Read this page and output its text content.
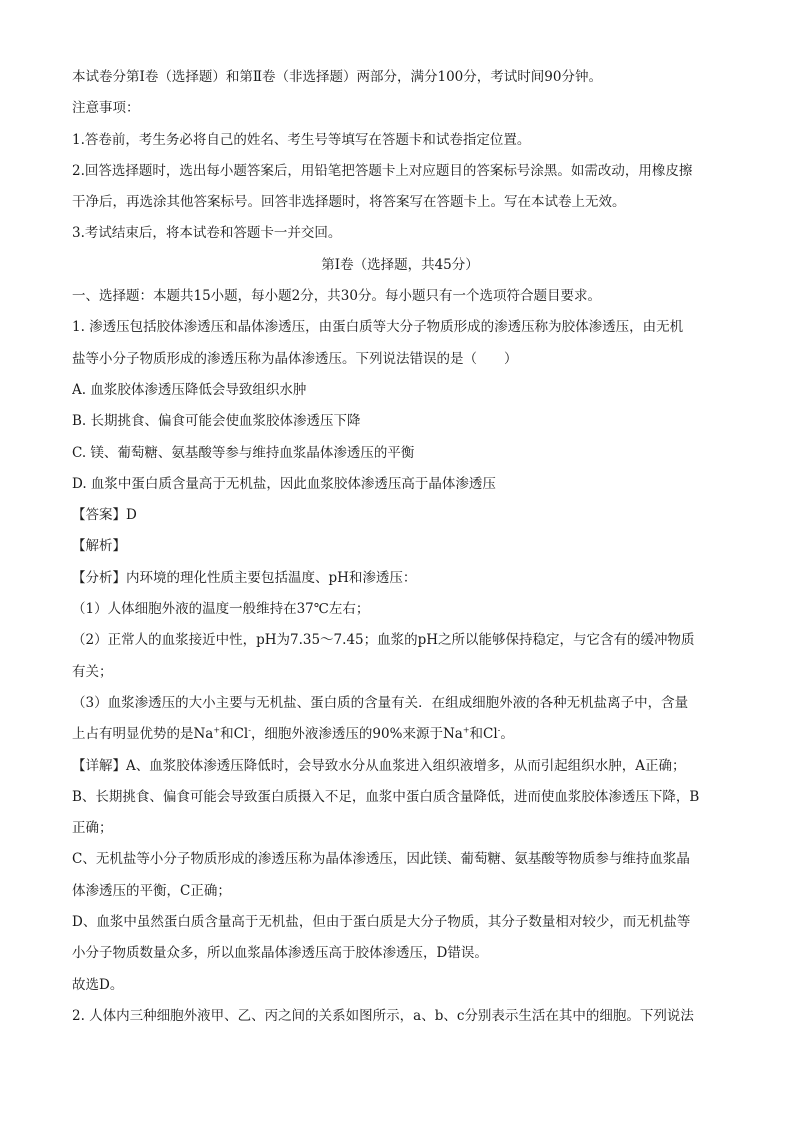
本试卷分第Ⅰ卷（选择题）和第Ⅱ卷（非选择题）两部分，满分100分，考试时间90分钟。
注意事项：
1.答卷前，考生务必将自己的姓名、考生号等填写在答题卡和试卷指定位置。
2.回答选择题时，选出每小题答案后，用铅笔把答题卡上对应题目的答案标号涂黑。如需改动，用橡皮擦
干净后，再选涂其他答案标号。回答非选择题时，将答案写在答题卡上。写在本试卷上无效。
3.考试结束后，将本试卷和答题卡一并交回。
第Ⅰ卷（选择题，共45分）
一、选择题：本题共15小题，每小题2分，共30分。每小题只有一个选项符合题目要求。
1. 渗透压包括胶体渗透压和晶体渗透压，由蛋白质等大分子物质形成的渗透压称为胶体渗透压，由无机
盐等小分子物质形成的渗透压称为晶体渗透压。下列说法错误的是（　　）
A. 血浆胶体渗透压降低会导致组织水肿
B. 长期挑食、偏食可能会使血浆胶体渗透压下降
C. 镁、葡萄糖、氨基酸等参与维持血浆晶体渗透压的平衡
D. 血浆中蛋白质含量高于无机盐，因此血浆胶体渗透压高于晶体渗透压
【答案】D
【解析】
【分析】内环境的理化性质主要包括温度、pH和渗透压：
（1）人体细胞外液的温度一般维持在37℃左右；
（2）正常人的血浆接近中性，pH为7.35～7.45；血浆的pH之所以能够保持稳定，与它含有的缓冲物质
有关；
（3）血浆渗透压的大小主要与无机盐、蛋白质的含量有关．在组成细胞外液的各种无机盐离子中，含量
上占有明显优势的是Na+和Cl-，细胞外液渗透压的90%来源于Na+和Cl-。
【详解】A、血浆胶体渗透压降低时，会导致水分从血浆进入组织液增多，从而引起组织水肿，A正确；
B、长期挑食、偏食可能会导致蛋白质摄入不足，血浆中蛋白质含量降低，进而使血浆胶体渗透压下降，B
正确；
C、无机盐等小分子物质形成的渗透压称为晶体渗透压，因此镁、葡萄糖、氨基酸等物质参与维持血浆晶
体渗透压的平衡，C正确；
D、血浆中虽然蛋白质含量高于无机盐，但由于蛋白质是大分子物质，其分子数量相对较少，而无机盐等
小分子物质数量众多，所以血浆晶体渗透压高于胶体渗透压，D错误。
故选D。
2. 人体内三种细胞外液甲、乙、丙之间的关系如图所示，a、b、c分别表示生活在其中的细胞。下列说法
